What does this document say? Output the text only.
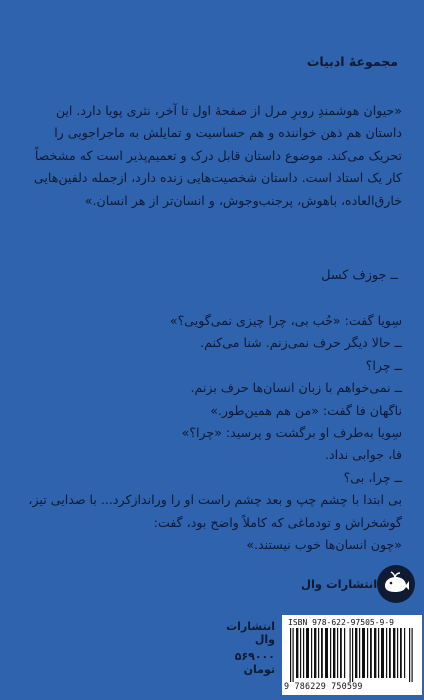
مجموعهٔ ادبیات

«حیوان هوشمندِ روبرِ مرل از صفحهٔ اول تا آخر، نثری پویا دارد. این داستان هم ذهن خواننده و هم حساسیت و تمایلش به ماجراجویی را تحریک می‌کند. موضوع داستان قابل درک و تعمیم‌پذیر است که مشخصاً کار یک استاد است. داستان شخصیت‌هایی زنده دارد، ازجمله دلفین‌هایی خارق‌العاده، باهوش، پرجنب‌وجوش، و انسان‌تر از هر انسان.»

ــ جوزف کسل
سِویا گفت: «حُب بی، چرا چیزی نمی‌گویی؟»
ــ حالا دیگر حرف نمی‌زنم. شنا می‌کنم.
ــ چرا؟
ــ نمی‌خواهم با زبان انسان‌ها حرف بزنم.
ناگهان فا گفت: «من هم همین‌طور.»
سِویا به‌طرف او برگشت و پرسید: «چرا؟»
فا، جوابی نداد.
ــ چرا، بی؟
بی ابتدا با چشم چپ و بعد چشم راست او را وراندازکرد... با صدایی تیز، گوشخراش و تودماغی که کاملاً واضح بود، گفت:
«چون انسان‌ها خوب نیستند.»
انتشارات وال
انتشارات وال
۵۶۹۰۰۰ تومان
ISBN 978-622-97505-9-9
9 786229 750599
